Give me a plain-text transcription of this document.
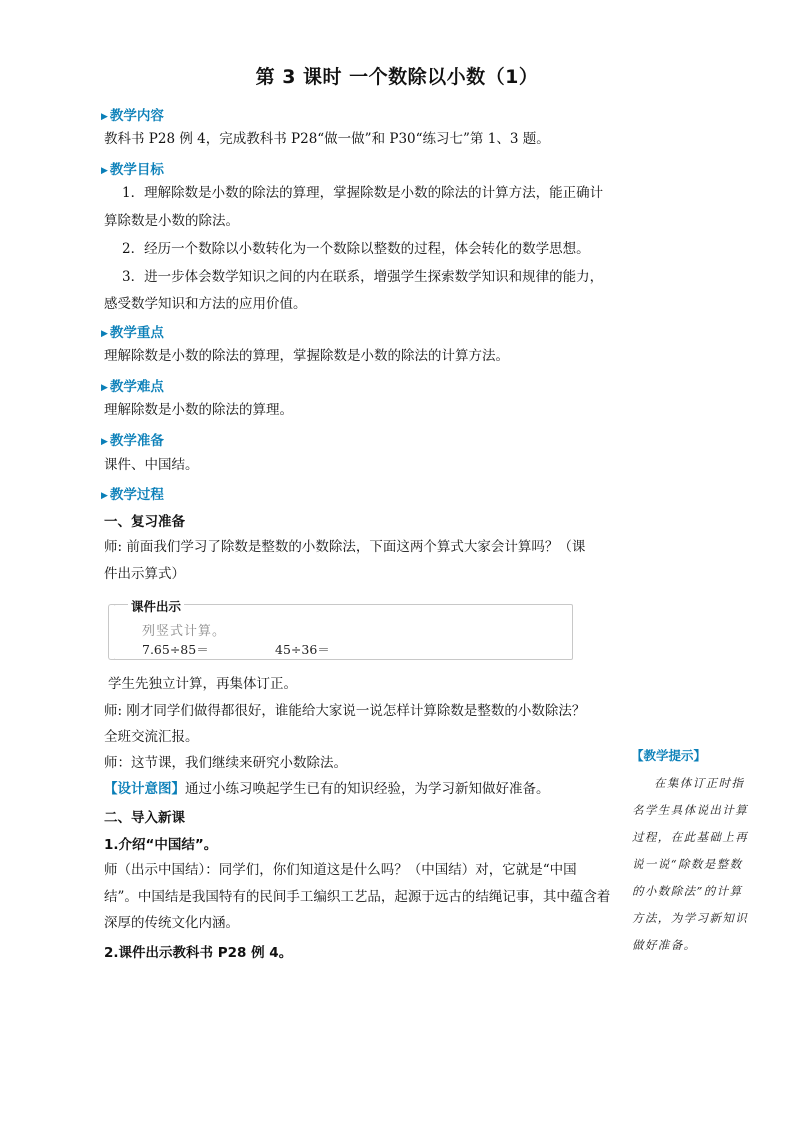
第 3 课时 一个数除以小数（1）
▶ 教学内容
教科书 P28 例 4，完成教科书 P28“做一做”和 P30“练习七”第 1、3 题。
▶ 教学目标
1．理解除数是小数的除法的算理，掌握除数是小数的除法的计算方法，能正确计
算除数是小数的除法。
2．经历一个数除以小数转化为一个数除以整数的过程，体会转化的数学思想。
3．进一步体会数学知识之间的内在联系，增强学生探索数学知识和规律的能力，
感受数学知识和方法的应用价值。
▶ 教学重点
理解除数是小数的除法的算理，掌握除数是小数的除法的计算方法。
▶ 教学难点
理解除数是小数的除法的算理。
▶ 教学准备
课件、中国结。
▶ 教学过程
一、复习准备
师: 前面我们学习了除数是整数的小数除法，下面这两个算式大家会计算吗？（课
件出示算式）
课件出示
列竖式计算。
7.65÷85＝	45÷36＝
学生先独立计算，再集体订正。
师: 刚才同学们做得都很好，谁能给大家说一说怎样计算除数是整数的小数除法？
全班交流汇报。
师：这节课，我们继续来研究小数除法。
【设计意图】通过小练习唤起学生已有的知识经验，为学习新知做好准备。
二、导入新课
1.介绍“中国结”。
师（出示中国结）：同学们，你们知道这是什么吗？（中国结）对，它就是“中国
结”。中国结是我国特有的民间手工编织工艺品，起源于远古的结绳记事，其中蕴含着
深厚的传统文化内涵。
2.课件出示教科书 P28 例 4。
【教学提示】
在集体订正时指
名学生具体说出计算
过程，在此基础上再
说一说“除数是整数
的小数除法”的计算
方法，为学习新知识
做好准备。
